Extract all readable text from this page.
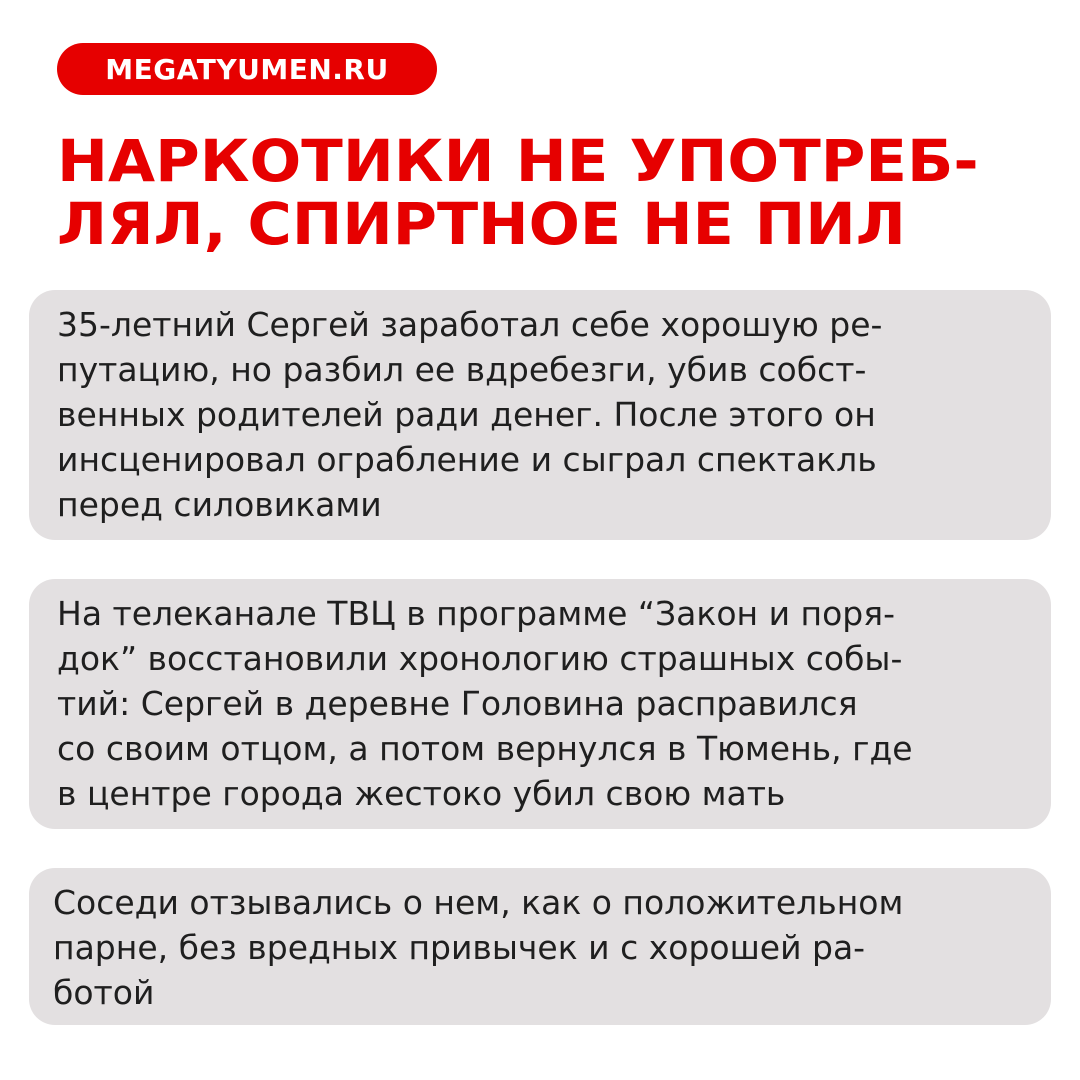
MEGATYUMEN.RU
НАРКОТИКИ НЕ УПОТРЕБ-
ЛЯЛ, СПИРТНОЕ НЕ ПИЛ
35-летний Сергей заработал себе хорошую ре-
путацию, но разбил ее вдребезги, убив собст-
венных родителей ради денег. После этого он
инсценировал ограбление и сыграл спектакль
перед силовиками
На телеканале ТВЦ в программе “Закон и поря-
док” восстановили хронологию страшных собы-
тий: Сергей в деревне Головина расправился
со своим отцом, а потом вернулся в Тюмень, где
в центре города жестоко убил свою мать
Соседи отзывались о нем, как о положительном
парне, без вредных привычек и с хорошей ра-
ботой
